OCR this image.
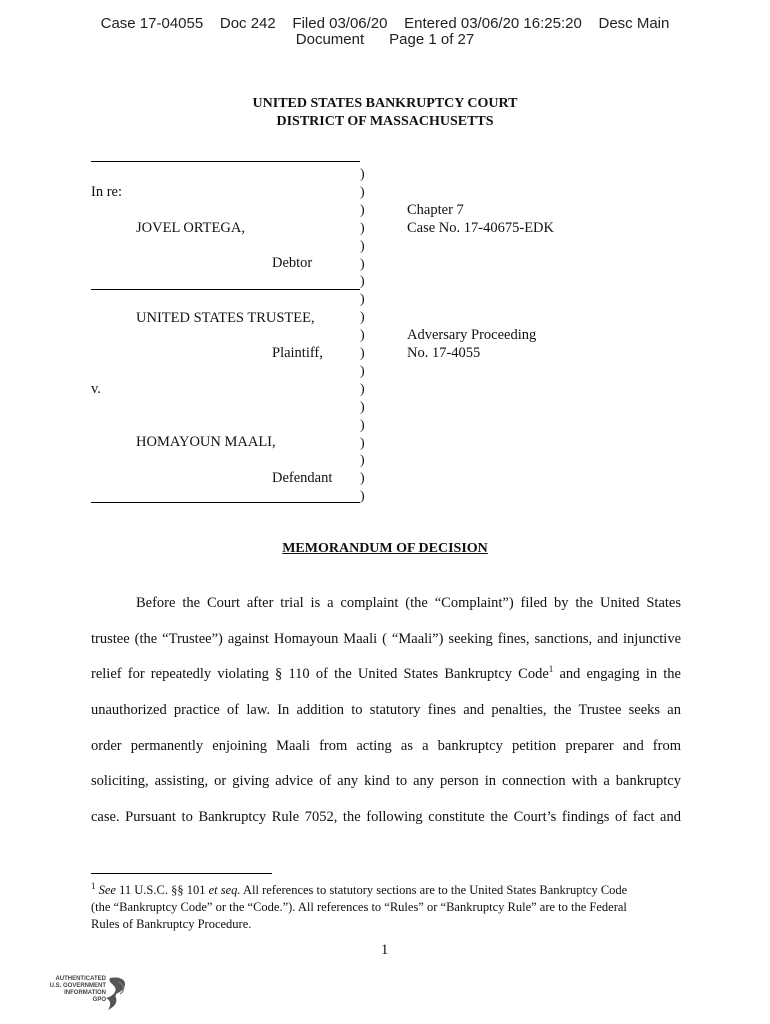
Case 17-04055 Doc 242 Filed 03/06/20 Entered 03/06/20 16:25:20 Desc Main
Document Page 1 of 27
UNITED STATES BANKRUPTCY COURT
DISTRICT OF MASSACHUSETTS
)
)
)
)
)
)
)
)
)
)
)
)
)
)
)
)
)
)
)
In re:
JOVEL ORTEGA,
Debtor
UNITED STATES TRUSTEE,
Plaintiff,
v.
HOMAYOUN MAALI,
Defendant
Chapter 7
Case No. 17-40675-EDK
Adversary Proceeding
No. 17-4055
MEMORANDUM OF DECISION
Before the Court after trial is a complaint (the “Complaint”) filed by the United States
trustee (the “Trustee”) against Homayoun Maali ( “Maali”) seeking fines, sanctions, and injunctive
relief for repeatedly violating § 110 of the United States Bankruptcy Code$^1$ and engaging in the
unauthorized practice of law. In addition to statutory fines and penalties, the Trustee seeks an
order permanently enjoining Maali from acting as a bankruptcy petition preparer and from
soliciting, assisting, or giving advice of any kind to any person in connection with a bankruptcy
case. Pursuant to Bankruptcy Rule 7052, the following constitute the Court’s findings of fact and
$^1$ See 11 U.S.C. §§ 101 et seq. All references to statutory sections are to the United States Bankruptcy Code
(the “Bankruptcy Code” or the “Code.”). All references to “Rules” or “Bankruptcy Rule” are to the Federal
Rules of Bankruptcy Procedure.
1
AUTHENTICATED
U.S. GOVERNMENT
INFORMATION
GPO
